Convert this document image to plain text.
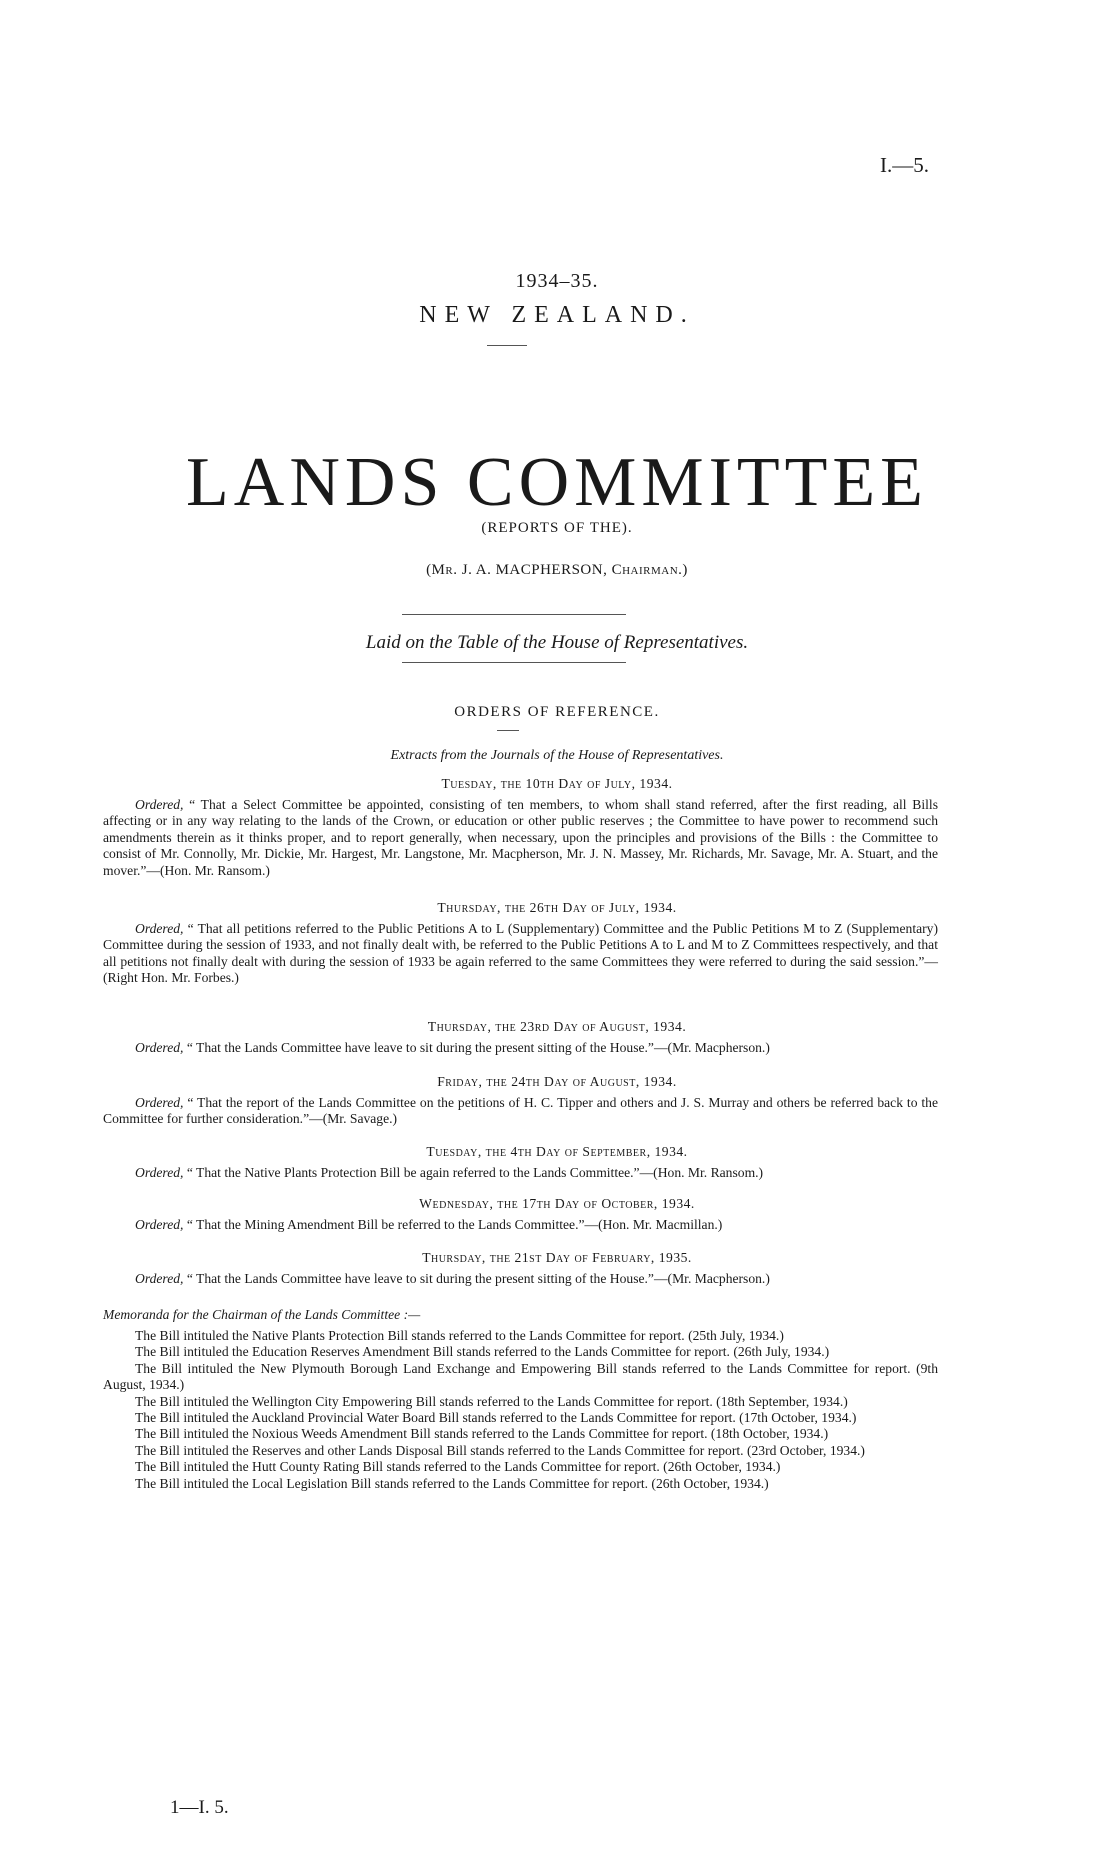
I.—5.
1934–35.
NEW ZEALAND.
LANDS COMMITTEE
(REPORTS OF THE).
(Mr. J. A. MACPHERSON, Chairman.)
Laid on the Table of the House of Representatives.
ORDERS OF REFERENCE.
Extracts from the Journals of the House of Representatives.
Tuesday, the 10th Day of July, 1934.

Ordered, “ That a Select Committee be appointed, consisting of ten members, to whom shall stand referred, after the first reading, all Bills affecting or in any way relating to the lands of the Crown, or education or other public reserves ; the Committee to have power to recommend such amendments therein as it thinks proper, and to report generally, when necessary, upon the principles and provisions of the Bills : the Committee to consist of Mr. Connolly, Mr. Dickie, Mr. Hargest, Mr. Langstone, Mr. Macpherson, Mr. J. N. Massey, Mr. Richards, Mr. Savage, Mr. A. Stuart, and the mover.”—(Hon. Mr. Ransom.)

Thursday, the 26th Day of July, 1934.

Ordered, “ That all petitions referred to the Public Petitions A to L (Supplementary) Committee and the Public Petitions M to Z (Supplementary) Committee during the session of 1933, and not finally dealt with, be referred to the Public Petitions A to L and M to Z Committees respectively, and that all petitions not finally dealt with during the session of 1933 be again referred to the same Committees they were referred to during the said session.”—(Right Hon. Mr. Forbes.)

Thursday, the 23rd Day of August, 1934.

Ordered, “ That the Lands Committee have leave to sit during the present sitting of the House.”—(Mr. Macpherson.)

Friday, the 24th Day of August, 1934.

Ordered, “ That the report of the Lands Committee on the petitions of H. C. Tipper and others and J. S. Murray and others be referred back to the Committee for further consideration.”—(Mr. Savage.)

Tuesday, the 4th Day of September, 1934.

Ordered, “ That the Native Plants Protection Bill be again referred to the Lands Committee.”—(Hon. Mr. Ransom.)

Wednesday, the 17th Day of October, 1934.

Ordered, “ That the Mining Amendment Bill be referred to the Lands Committee.”—(Hon. Mr. Macmillan.)

Thursday, the 21st Day of February, 1935.

Ordered, “ That the Lands Committee have leave to sit during the present sitting of the House.”—(Mr. Macpherson.)

Memoranda for the Chairman of the Lands Committee :—

The Bill intituled the Native Plants Protection Bill stands referred to the Lands Committee for report. (25th July, 1934.)

The Bill intituled the Education Reserves Amendment Bill stands referred to the Lands Committee for report. (26th July, 1934.)

The Bill intituled the New Plymouth Borough Land Exchange and Empowering Bill stands referred to the Lands Committee for report. (9th August, 1934.)

The Bill intituled the Wellington City Empowering Bill stands referred to the Lands Committee for report. (18th September, 1934.)

The Bill intituled the Auckland Provincial Water Board Bill stands referred to the Lands Committee for report. (17th October, 1934.)

The Bill intituled the Noxious Weeds Amendment Bill stands referred to the Lands Committee for report. (18th October, 1934.)

The Bill intituled the Reserves and other Lands Disposal Bill stands referred to the Lands Committee for report. (23rd October, 1934.)

The Bill intituled the Hutt County Rating Bill stands referred to the Lands Committee for report. (26th October, 1934.)

The Bill intituled the Local Legislation Bill stands referred to the Lands Committee for report. (26th October, 1934.)

1—I. 5.
